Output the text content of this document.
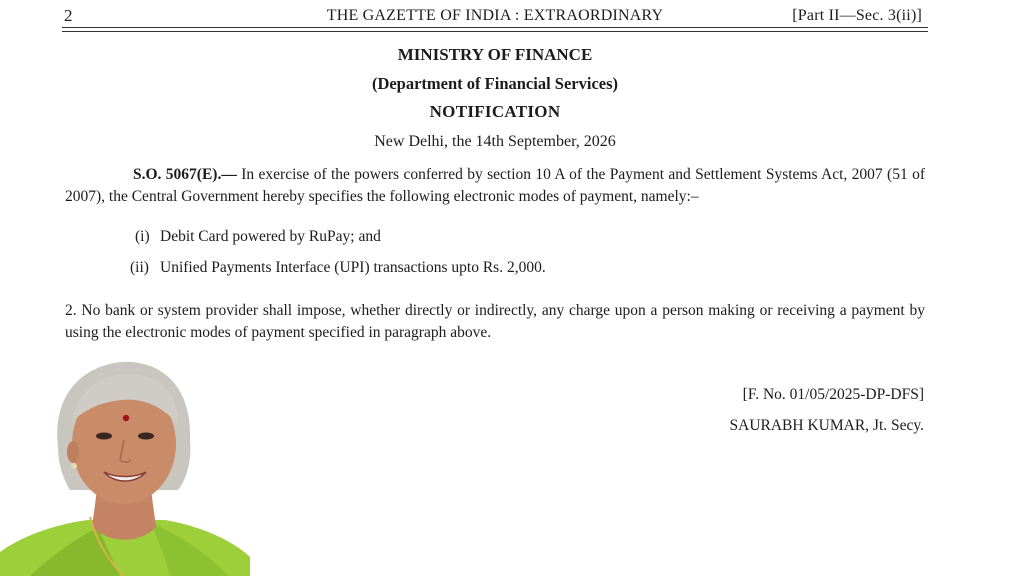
2	THE GAZETTE OF INDIA : EXTRAORDINARY	[Part II—Sec. 3(ii)]
MINISTRY OF FINANCE
(Department of Financial Services)
NOTIFICATION
New Delhi, the 14th September, 2026
S.O. 5067(E).— In exercise of the powers conferred by section 10 A of the Payment and Settlement Systems Act, 2007 (51 of 2007), the Central Government hereby specifies the following electronic modes of payment, namely:–
(i) Debit Card powered by RuPay; and
(ii) Unified Payments Interface (UPI) transactions upto Rs. 2,000.
2. No bank or system provider shall impose, whether directly or indirectly, any charge upon a person making or receiving a payment by using the electronic modes of payment specified in paragraph above.
[F. No. 01/05/2025-DP-DFS]
SAURABH KUMAR, Jt. Secy.
